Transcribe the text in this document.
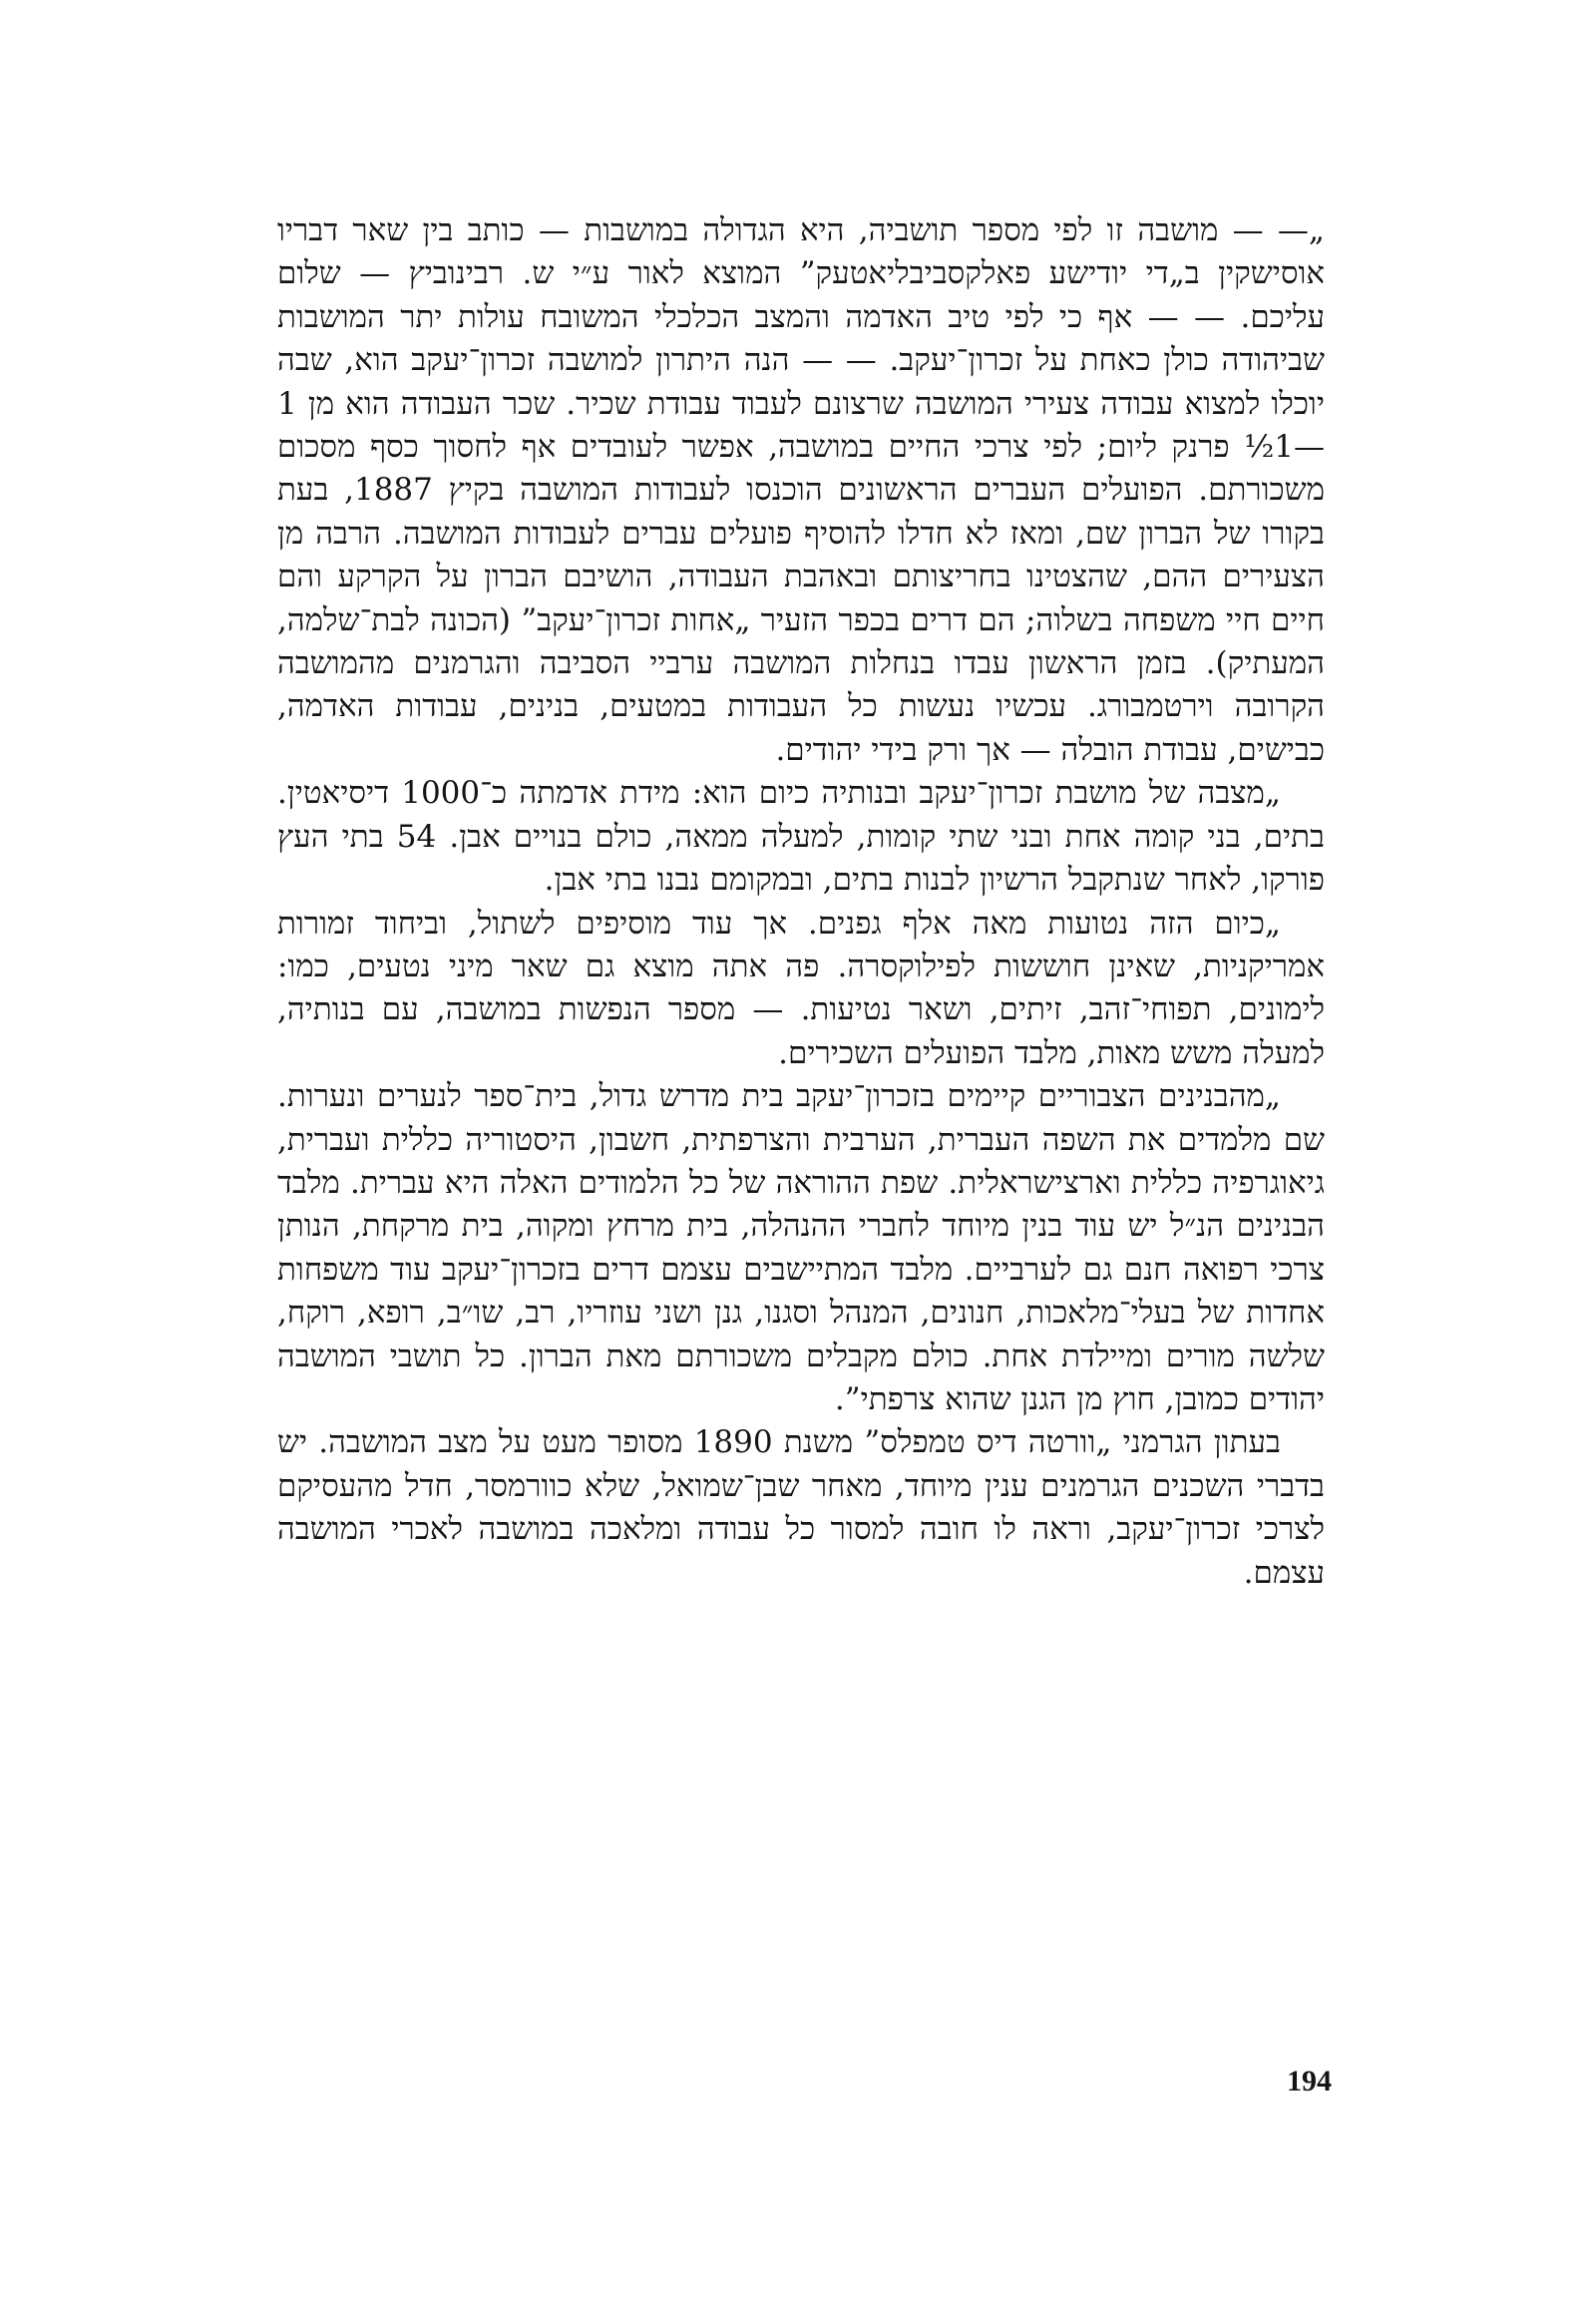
„— — מושבה זו לפי מספר תושביה, היא הגדולה במושבות — כותב בין שאר דבריו אוסישקין ב„די יודישע פאלקסביבליאטעק” המוצא לאור ע״י ש. רבינוביץ — שלום עליכם. — — אף כי לפי טיב האדמה והמצב הכלכלי המשובח עולות יתר המושבות שביהודה כולן כאחת על זכרון־יעקב. — — הנה היתרון למושבה זכרון־יעקב הוא, שבה יוכלו למצוא עבודה צעירי המושבה שרצונם לעבוד עבודת שכיר. שכר העבודה הוא מן 1—1½ פרנק ליום; לפי צרכי החיים במושבה, אפשר לעובדים אף לחסוך כסף מסכום משכורתם. הפועלים העברים הראשונים הוכנסו לעבודות המושבה בקיץ 1887, בעת בקורו של הברון שם, ומאז לא חדלו להוסיף פועלים עברים לעבודות המושבה. הרבה מן הצעירים ההם, שהצטינו בחריצותם ובאהבת העבודה, הושיבם הברון על הקרקע והם חיים חיי משפחה בשלוה; הם דרים בכפר הזעיר „אחות זכרון־יעקב” (הכונה לבת־שלמה, המעתיק). בזמן הראשון עבדו בנחלות המושבה ערביי הסביבה והגרמנים מהמושבה הקרובה וירטמבורג. עכשיו נעשות כל העבודות במטעים, בנינים, עבודות האדמה, כבישים, עבודת הובלה — אך ורק בידי יהודים.

„מצבה של מושבת זכרון־יעקב ובנותיה כיום הוא: מידת אדמתה כ־1000 דיסיאטין. בתים, בני קומה אחת ובני שתי קומות, למעלה ממאה, כולם בנויים אבן. 54 בתי העץ פורקו, לאחר שנתקבל הרשיון לבנות בתים, ובמקומם נבנו בתי אבן.

„כיום הזה נטועות מאה אלף גפנים. אך עוד מוסיפים לשתול, וביחוד זמורות אמריקניות, שאינן חוששות לפילוקסרה. פה אתה מוצא גם שאר מיני נטעים, כמו: לימונים, תפוחי־זהב, זיתים, ושאר נטיעות. — מספר הנפשות במושבה, עם בנותיה, למעלה משש מאות, מלבד הפועלים השכירים.

„מהבנינים הצבוריים קיימים בזכרון־יעקב בית מדרש גדול, בית־ספר לנערים ונערות. שם מלמדים את השפה העברית, הערבית והצרפתית, חשבון, היסטוריה כללית ועברית, גיאוגרפיה כללית וארצישראלית. שפת ההוראה של כל הלמודים האלה היא עברית. מלבד הבנינים הנ״ל יש עוד בנין מיוחד לחברי ההנהלה, בית מרחץ ומקוה, בית מרקחת, הנותן צרכי רפואה חנם גם לערביים. מלבד המתיישבים עצמם דרים בזכרון־יעקב עוד משפחות אחדות של בעלי־מלאכות, חנונים, המנהל וסגנו, גנן ושני עוזריו, רב, שו״ב, רופא, רוקח, שלשה מורים ומיילדת אחת. כולם מקבלים משכורתם מאת הברון. כל תושבי המושבה יהודים כמובן, חוץ מן הגנן שהוא צרפתי”.

בעתון הגרמני „וורטה דיס טמפלס” משנת 1890 מסופר מעט על מצב המושבה. יש בדברי השכנים הגרמנים ענין מיוחד, מאחר שבן־שמואל, שלא כוורמסר, חדל מהעסיקם לצרכי זכרון־יעקב, וראה לו חובה למסור כל עבודה ומלאכה במושבה לאכרי המושבה עצמם.

194
